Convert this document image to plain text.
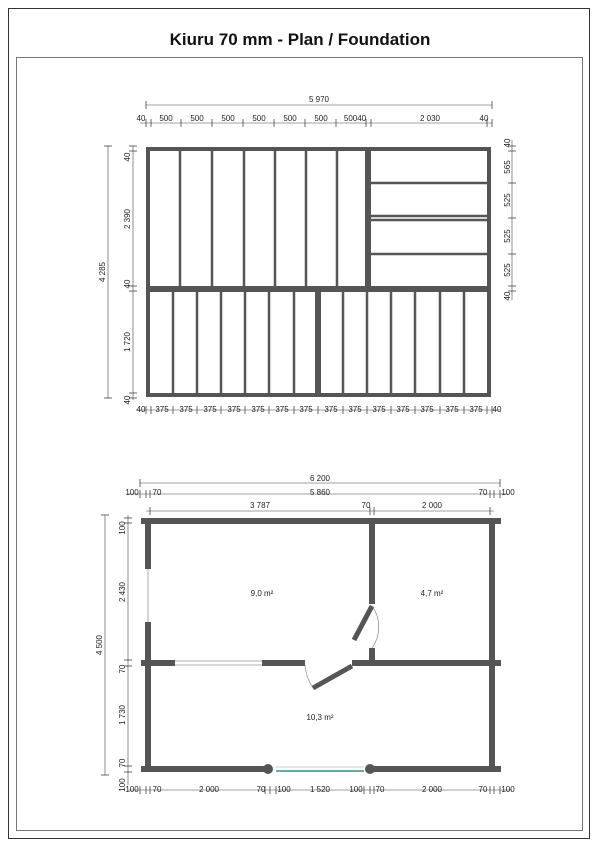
Kiuru 70 mm - Plan / Foundation
5 970
40 500 500 500 500 500 500 50040	2 030	40
4 285
40
2 390
40
1 720
40
40
565
525
525
525
40
40 375 375 375 375 375 375 375 375 375 375 375 375 375 375 40
6 200
100 70	5 860	70 100
3 787	70	2 000
9,0 m²	4,7 m²
10,3 m²
4 500
100
2 430
70
1 730
70
100
100 70	2 000	70 100 1 520 100 70	2 000	70 100
